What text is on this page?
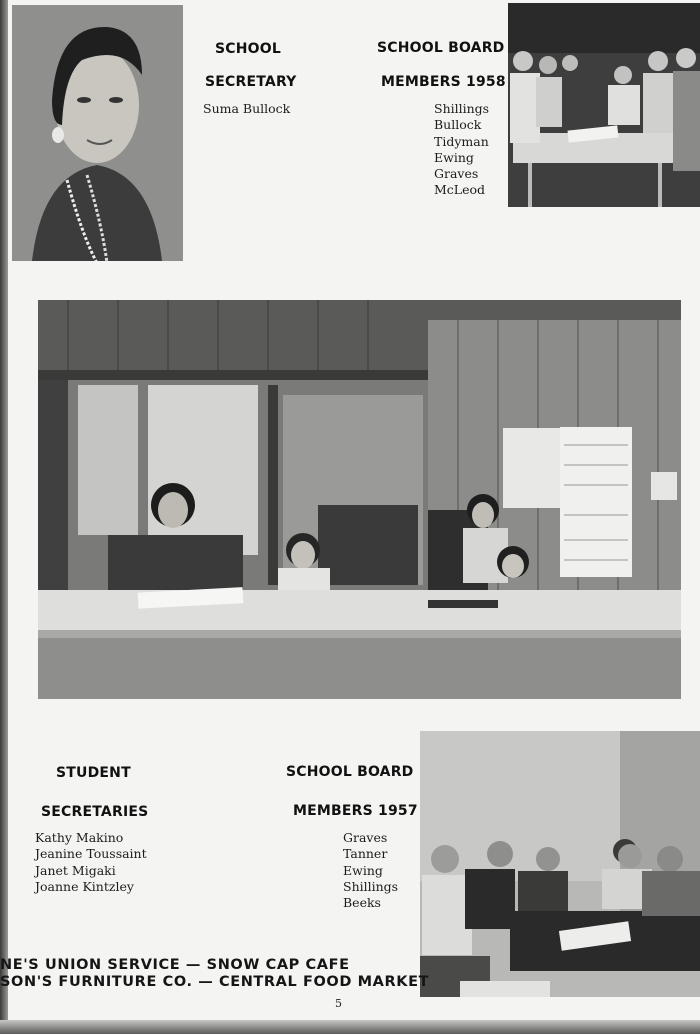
SCHOOL
SECRETARY
Suma Bullock
SCHOOL BOARD
MEMBERS 1958
Shillings
Bullock
Tidyman
Ewing
Graves
McLeod
STUDENT
SECRETARIES
Kathy Makino
Jeanine Toussaint
Janet Migaki
Joanne Kintzley
SCHOOL BOARD
MEMBERS 1957
Graves
Tanner
Ewing
Shillings
Beeks
NE'S UNION SERVICE — SNOW CAP CAFE
SON'S FURNITURE CO. — CENTRAL FOOD MARKET
5
